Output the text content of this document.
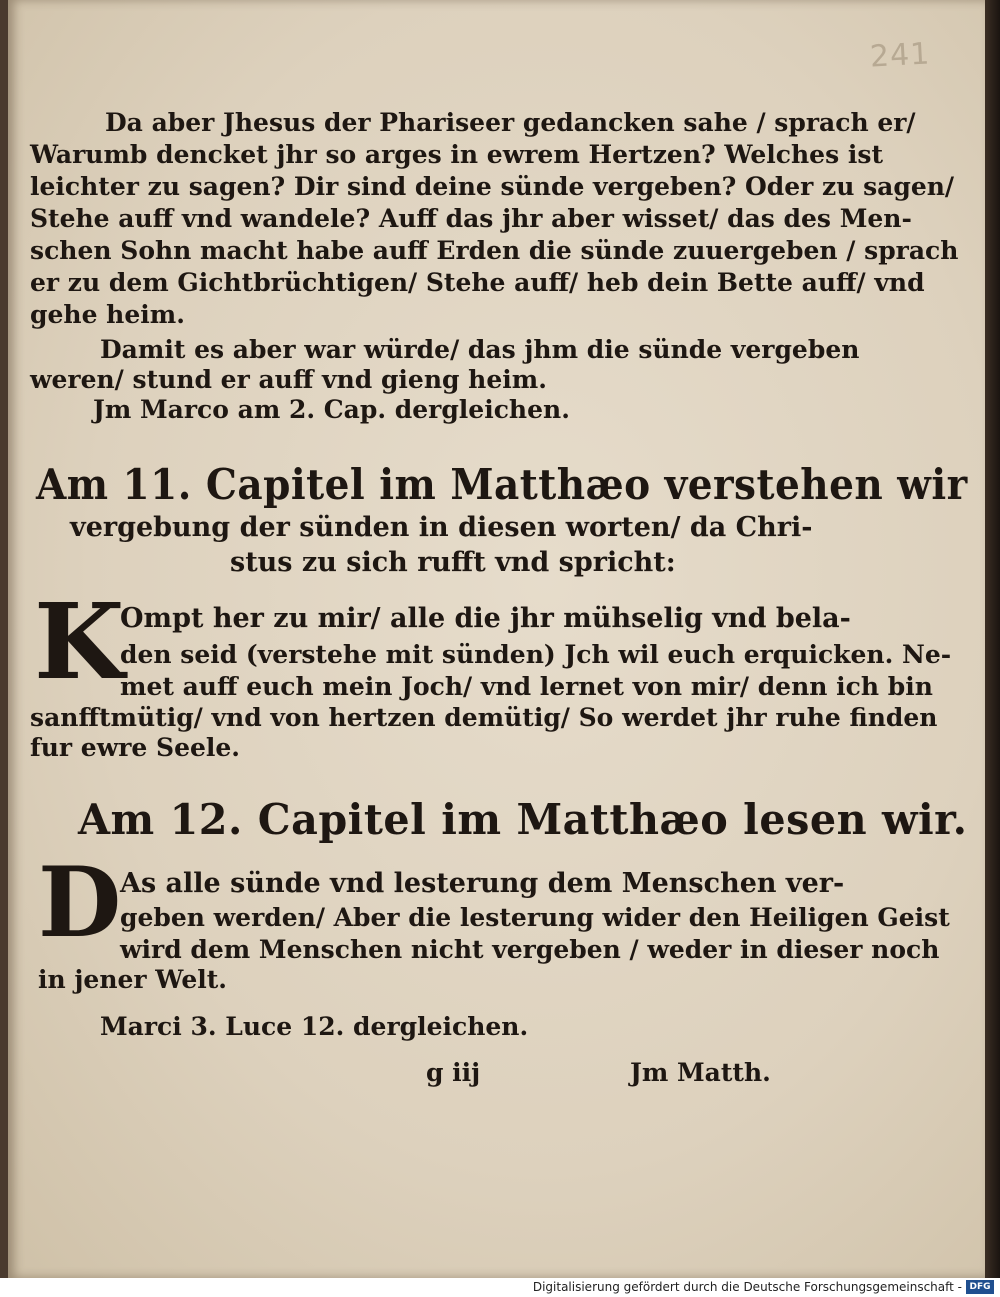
241
Da aber Jhesus der Phariseer gedancken sahe / sprach er/
Warumb dencket jhr so arges in ewrem Hertzen? Welches ist
leichter zu sagen? Dir sind deine sünde vergeben? Oder zu sagen/
Stehe auff vnd wandele? Auff das jhr aber wisset/ das des Men-
schen Sohn macht habe auff Erden die sünde zuuergeben / sprach
er zu dem Gichtbrüchtigen/ Stehe auff/ heb dein Bette auff/ vnd
gehe heim.
Damit es aber war würde/ das jhm die sünde vergeben
weren/ stund er auff vnd gieng heim.
Jm Marco am 2. Cap. dergleichen.
Am 11. Capitel im Matthæo verstehen wir
vergebung der sünden in diesen worten/ da Chri-
stus zu sich rufft vnd spricht:
K
Ompt her zu mir/ alle die jhr mühselig vnd bela-
den seid (verstehe mit sünden) Jch wil euch erquicken. Ne-
met auff euch mein Joch/ vnd lernet von mir/ denn ich bin
sanfftmütig/ vnd von hertzen demütig/ So werdet jhr ruhe finden
fur ewre Seele.
Am 12. Capitel im Matthæo lesen wir.
D
As alle sünde vnd lesterung dem Menschen ver-
geben werden/ Aber die lesterung wider den Heiligen Geist
wird dem Menschen nicht vergeben / weder in dieser noch
in jener Welt.
Marci 3. Luce 12. dergleichen.
g iij	Jm Matth.
Digitalisierung gefördert durch die Deutsche Forschungsgemeinschaft - DFG
